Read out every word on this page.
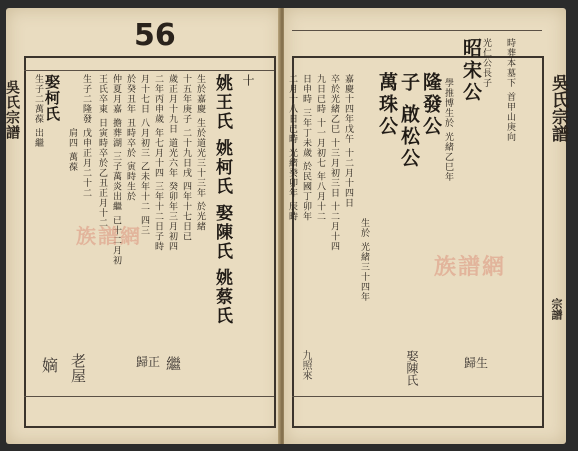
56
吳氏宗譜 娶柯氏
生子二萬葆 出繼
肩四 萬葆 生子二隆發 戊申正月二十二 王氏卒東 日寅時卒於乙丑正月十二 仲夏月嘉 擔葬湖 三子萬炎出繼 已十二月初 於癸丑年 丑時卒於 寅時生於 月十七日 八月初三 乙未年十二 四三 二年丙申歲 年七月十四 三年十二日子時 歲正月十九日 道光六年 癸卯年三月初四 十五年庚子 二十九日戌 四年十七日已 生於嘉慶 生於道光三十三年 於光緒 姚王氏 姚柯氏 娶陳氏 姚蔡氏 十
族譜網
老屋	繼
歸正
嫡
時葬本墓下 首甲山庚向
光仁公長子
昭宋公
學推博生於 光緒乙巳年
隆發公
子 啟松公
萬珠公
生於 光緒三十四年
嘉慶十四年戊午 十二月十四日
卒於光緒乙巳 十三月初三日 十二月十四
九日已時 十一月初七 年八月十二
日申時 三年丁未歲 於民國丁卯年
二月十八日已時 光緒癸卯年 辰時
族譜網
娶陳氏	歸生
九照來
吳氏宗譜
宗譜
